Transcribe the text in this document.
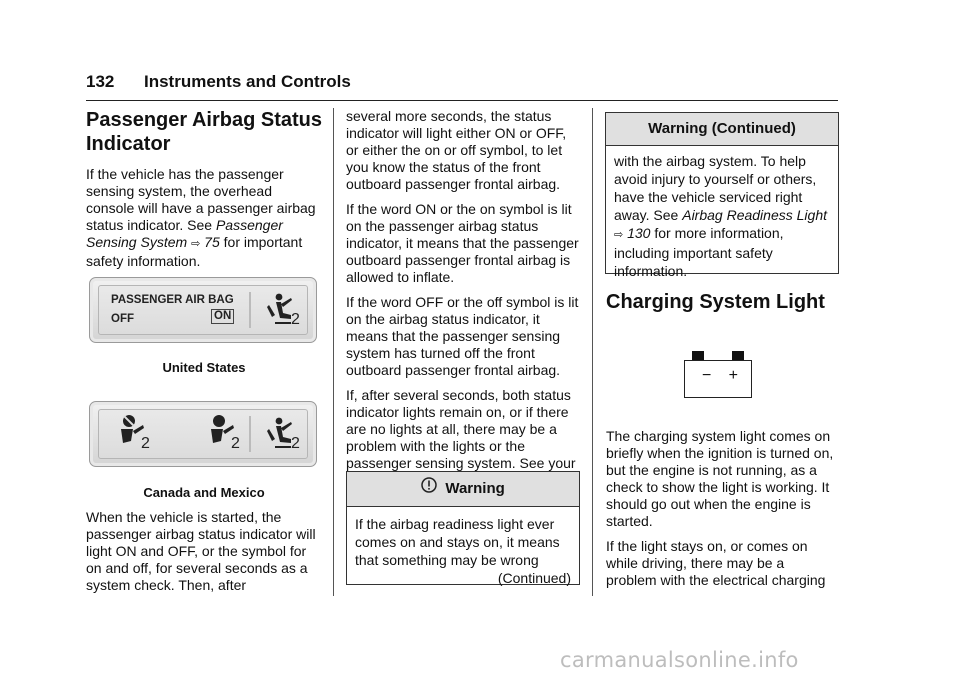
132 Instruments and Controls
Passenger Airbag Status Indicator

If the vehicle has the passenger sensing system, the overhead console will have a passenger airbag status indicator. See Passenger Sensing System ⇨ 75 for important safety information.

PASSENGER AIR BAG
OFF	ON	2
United States
2	2	2
Canada and Mexico

When the vehicle is started, the passenger airbag status indicator will light ON and OFF, or the symbol for on and off, for several seconds as a system check. Then, after

several more seconds, the status indicator will light either ON or OFF, or either the on or off symbol, to let you know the status of the front outboard passenger frontal airbag.

If the word ON or the on symbol is lit on the passenger airbag status indicator, it means that the passenger outboard passenger frontal airbag is allowed to inflate.

If the word OFF or the off symbol is lit on the airbag status indicator, it means that the passenger sensing system has turned off the front outboard passenger frontal airbag.

If, after several seconds, both status indicator lights remain on, or if there are no lights at all, there may be a problem with the lights or the passenger sensing system. See your

Warning
If the airbag readiness light ever comes on and stays on, it means that something may be wrong
(Continued)
Warning (Continued)
with the airbag system. To help avoid injury to yourself or others, have the vehicle serviced right away. See Airbag Readiness Light ⇨ 130 for more information, including important safety information.
Charging System Light
− +

The charging system light comes on briefly when the ignition is turned on, but the engine is not running, as a check to show the light is working. It should go out when the engine is started.

If the light stays on, or comes on while driving, there may be a problem with the electrical charging

carmanualsonline.info
